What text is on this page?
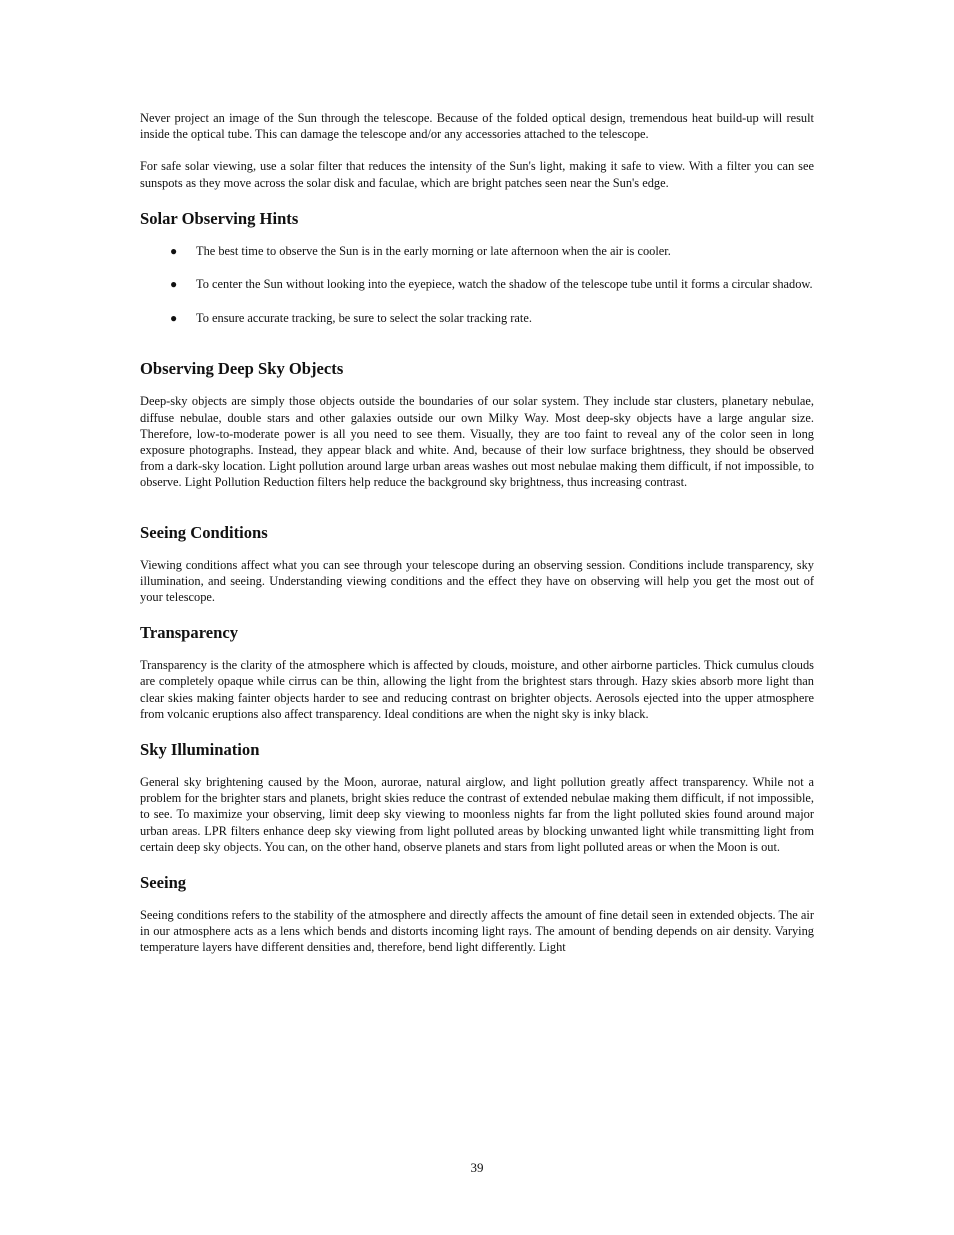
Never project an image of the Sun through the telescope. Because of the folded optical design, tremendous heat build-up will result inside the optical tube. This can damage the telescope and/or any accessories attached to the telescope.

For safe solar viewing, use a solar filter that reduces the intensity of the Sun's light, making it safe to view. With a filter you can see sunspots as they move across the solar disk and faculae, which are bright patches seen near the Sun's edge.

Solar Observing Hints
● The best time to observe the Sun is in the early morning or late afternoon when the air is cooler.
● To center the Sun without looking into the eyepiece, watch the shadow of the telescope tube until it forms a circular shadow.
● To ensure accurate tracking, be sure to select the solar tracking rate.
Observing Deep Sky Objects

Deep-sky objects are simply those objects outside the boundaries of our solar system. They include star clusters, planetary nebulae, diffuse nebulae, double stars and other galaxies outside our own Milky Way. Most deep-sky objects have a large angular size. Therefore, low-to-moderate power is all you need to see them. Visually, they are too faint to reveal any of the color seen in long exposure photographs. Instead, they appear black and white. And, because of their low surface brightness, they should be observed from a dark-sky location. Light pollution around large urban areas washes out most nebulae making them difficult, if not impossible, to observe. Light Pollution Reduction filters help reduce the background sky brightness, thus increasing contrast.

Seeing Conditions

Viewing conditions affect what you can see through your telescope during an observing session. Conditions include transparency, sky illumination, and seeing. Understanding viewing conditions and the effect they have on observing will help you get the most out of your telescope.

Transparency

Transparency is the clarity of the atmosphere which is affected by clouds, moisture, and other airborne particles. Thick cumulus clouds are completely opaque while cirrus can be thin, allowing the light from the brightest stars through. Hazy skies absorb more light than clear skies making fainter objects harder to see and reducing contrast on brighter objects. Aerosols ejected into the upper atmosphere from volcanic eruptions also affect transparency. Ideal conditions are when the night sky is inky black.

Sky Illumination

General sky brightening caused by the Moon, aurorae, natural airglow, and light pollution greatly affect transparency. While not a problem for the brighter stars and planets, bright skies reduce the contrast of extended nebulae making them difficult, if not impossible, to see. To maximize your observing, limit deep sky viewing to moonless nights far from the light polluted skies found around major urban areas. LPR filters enhance deep sky viewing from light polluted areas by blocking unwanted light while transmitting light from certain deep sky objects. You can, on the other hand, observe planets and stars from light polluted areas or when the Moon is out.

Seeing

Seeing conditions refers to the stability of the atmosphere and directly affects the amount of fine detail seen in extended objects. The air in our atmosphere acts as a lens which bends and distorts incoming light rays. The amount of bending depends on air density. Varying temperature layers have different densities and, therefore, bend light differently. Light

39
